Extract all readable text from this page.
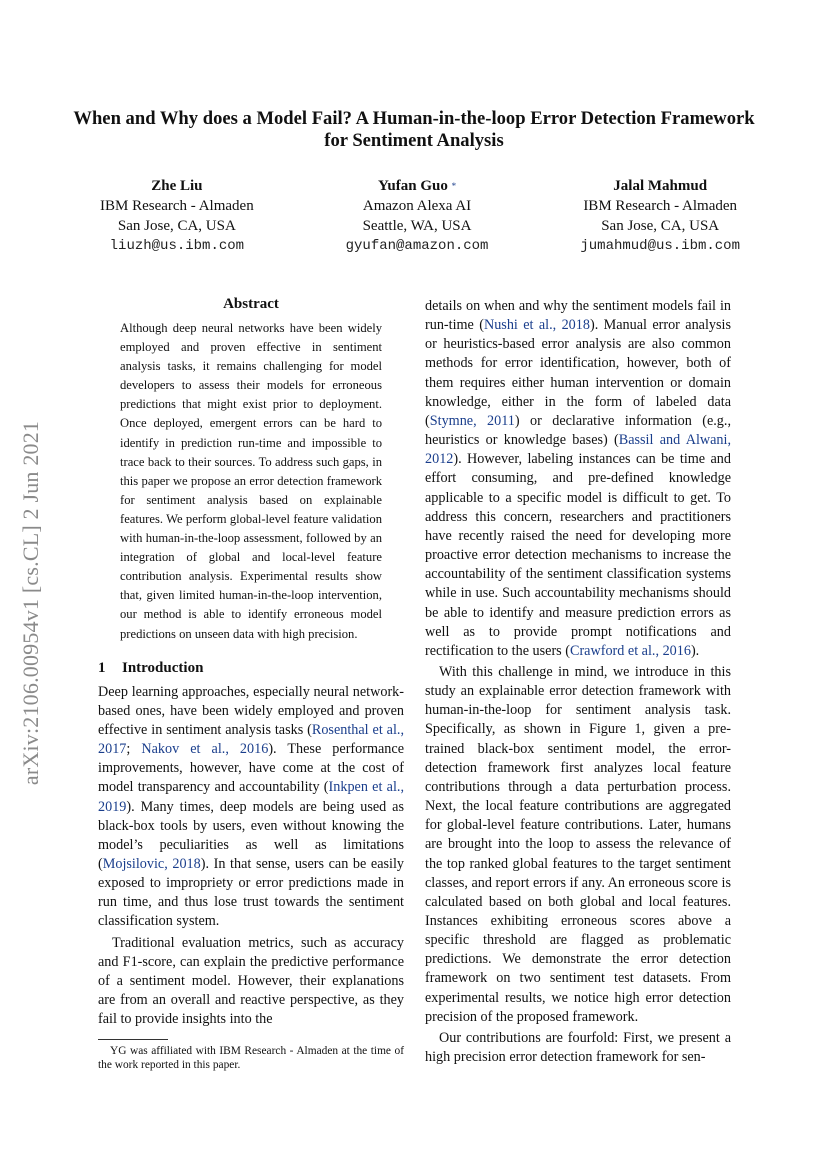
arXiv:2106.00954v1 [cs.CL] 2 Jun 2021
When and Why does a Model Fail? A Human-in-the-loop Error Detection Framework for Sentiment Analysis
Zhe Liu
IBM Research - Almaden
San Jose, CA, USA
liuzh@us.ibm.com
Yufan Guo *
Amazon Alexa AI
Seattle, WA, USA
gyufan@amazon.com
Jalal Mahmud
IBM Research - Almaden
San Jose, CA, USA
jumahmud@us.ibm.com
Abstract

Although deep neural networks have been widely employed and proven effective in sentiment analysis tasks, it remains challenging for model developers to assess their models for erroneous predictions that might exist prior to deployment. Once deployed, emergent errors can be hard to identify in prediction run-time and impossible to trace back to their sources. To address such gaps, in this paper we propose an error detection framework for sentiment analysis based on explainable features. We perform global-level feature validation with human-in-the-loop assessment, followed by an integration of global and local-level feature contribution analysis. Experimental results show that, given limited human-in-the-loop intervention, our method is able to identify erroneous model predictions on unseen data with high precision.

1	Introduction

Deep learning approaches, especially neural network-based ones, have been widely employed and proven effective in sentiment analysis tasks (Rosenthal et al., 2017; Nakov et al., 2016). These performance improvements, however, have come at the cost of model transparency and accountability (Inkpen et al., 2019). Many times, deep models are being used as black-box tools by users, even without knowing the model’s peculiarities as well as limitations (Mojsilovic, 2018). In that sense, users can be easily exposed to impropriety or error predictions made in run time, and thus lose trust towards the sentiment classification system.

Traditional evaluation metrics, such as accuracy and F1-score, can explain the predictive performance of a sentiment model. However, their explanations are from an overall and reactive perspective, as they fail to provide insights into the

YG was affiliated with IBM Research - Almaden at the time of the work reported in this paper.

details on when and why the sentiment models fail in run-time (Nushi et al., 2018). Manual error analysis or heuristics-based error analysis are also common methods for error identification, however, both of them requires either human intervention or domain knowledge, either in the form of labeled data (Stymne, 2011) or declarative information (e.g., heuristics or knowledge bases) (Bassil and Alwani, 2012). However, labeling instances can be time and effort consuming, and pre-defined knowledge applicable to a specific model is difficult to get. To address this concern, researchers and practitioners have recently raised the need for developing more proactive error detection mechanisms to increase the accountability of the sentiment classification systems while in use. Such accountability mechanisms should be able to identify and measure prediction errors as well as to provide prompt notifications and rectification to the users (Crawford et al., 2016).

With this challenge in mind, we introduce in this study an explainable error detection framework with human-in-the-loop for sentiment analysis task. Specifically, as shown in Figure 1, given a pre-trained black-box sentiment model, the error-detection framework first analyzes local feature contributions through a data perturbation process. Next, the local feature contributions are aggregated for global-level feature contributions. Later, humans are brought into the loop to assess the relevance of the top ranked global features to the target sentiment classes, and report errors if any. An erroneous score is calculated based on both global and local features. Instances exhibiting erroneous scores above a specific threshold are flagged as problematic predictions. We demonstrate the error detection framework on two sentiment test datasets. From experimental results, we notice high error detection precision of the proposed framework.

Our contributions are fourfold: First, we present a high precision error detection framework for sen-
